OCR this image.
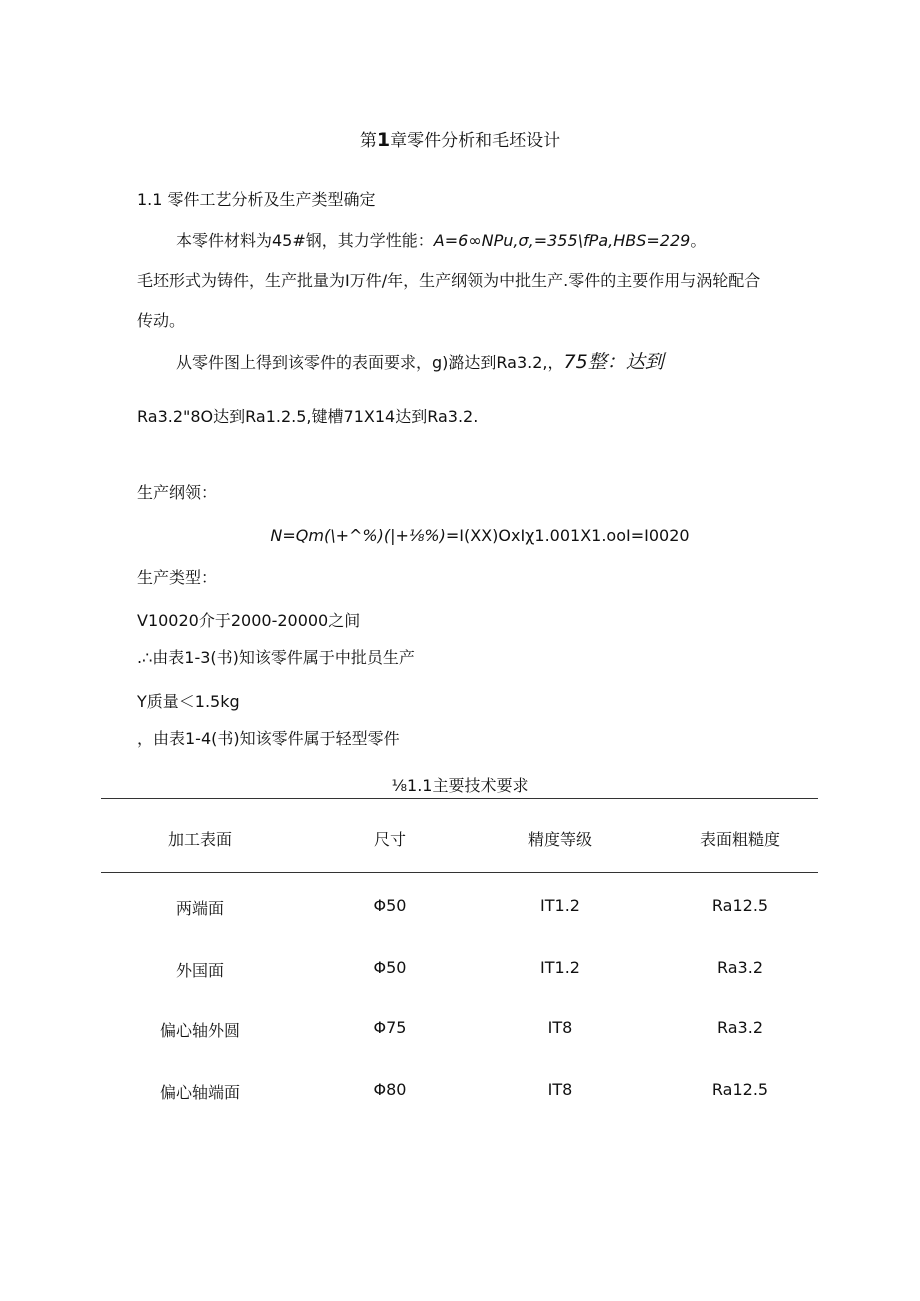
第1章零件分析和毛坯设计
1.1 零件工艺分析及生产类型确定
本零件材料为45#钢，其力学性能：A=6∞NPu,σ,=355\fPa,HBS=229。
毛坯形式为铸件，生产批量为I万件/年，生产纲领为中批生产.零件的主要作用与涡轮配合
传动。
从零件图上得到该零件的表面要求，g)潞达到Ra3.2,，75整：达到
Ra3.2"8O达到Ra1.2.5,键槽71X14达到Ra3.2.
生产纲领：
N=Qm(\+^%)(|+⅛%)=I(XX)OxIχ1.001X1.ooI=I0020
生产类型：
V10020介于2000-20000之间
.∴由表1-3(书)知该零件属于中批员生产
Y质量＜1.5kg
，由表1-4(书)知该零件属于轻型零件
⅛1.1主要技术要求
加工表面	尺寸	精度等级	表面粗糙度
两端面	Φ50	IT1.2	Ra12.5
外国面	Φ50	IT1.2	Ra3.2
偏心轴外圆	Φ75	IT8	Ra3.2
偏心轴端面	Φ80	IT8	Ra12.5
